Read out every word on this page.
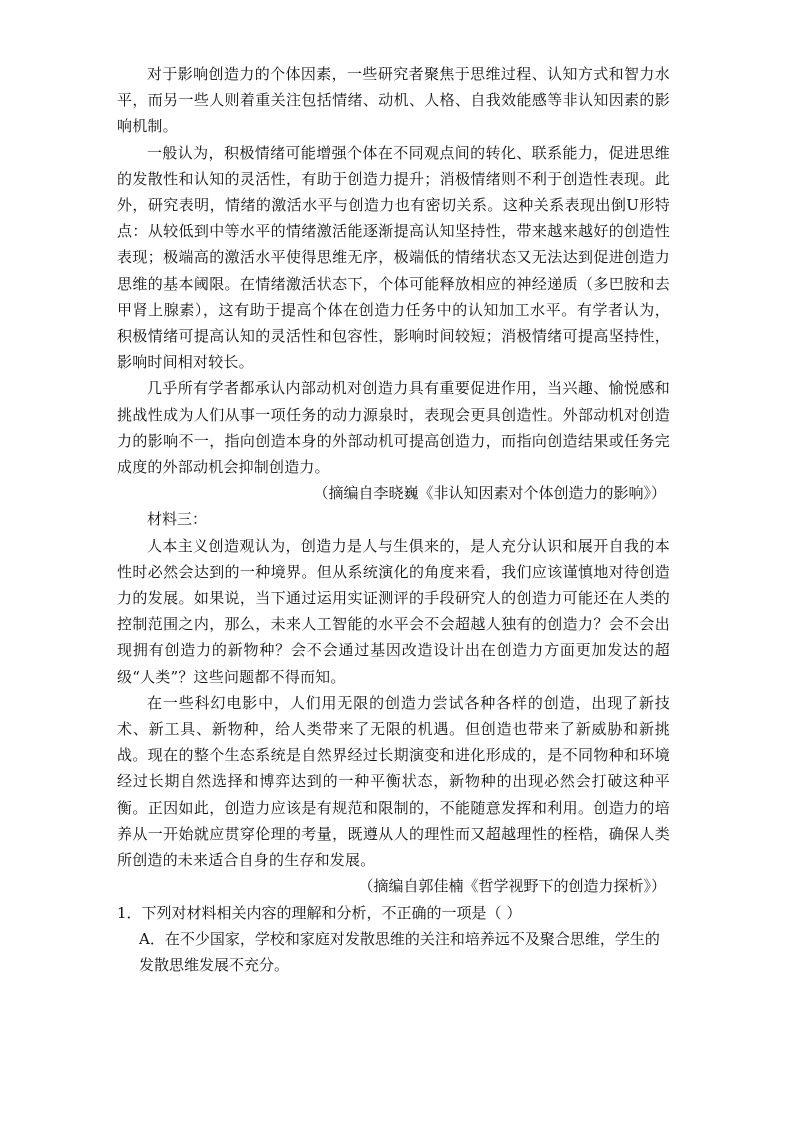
对于影响创造力的个体因素，一些研究者聚焦于思维过程、认知方式和智力水平，而另一些人则着重关注包括情绪、动机、人格、自我效能感等非认知因素的影响机制。

一般认为，积极情绪可能增强个体在不同观点间的转化、联系能力，促进思维的发散性和认知的灵活性，有助于创造力提升；消极情绪则不利于创造性表现。此外，研究表明，情绪的激活水平与创造力也有密切关系。这种关系表现出倒U形特点：从较低到中等水平的情绪激活能逐渐提高认知坚持性，带来越来越好的创造性表现；极端高的激活水平使得思维无序，极端低的情绪状态又无法达到促进创造力思维的基本阈限。在情绪激活状态下，个体可能释放相应的神经递质（多巴胺和去甲肾上腺素），这有助于提高个体在创造力任务中的认知加工水平。有学者认为，积极情绪可提高认知的灵活性和包容性，影响时间较短；消极情绪可提高坚持性，影响时间相对较长。

几乎所有学者都承认内部动机对创造力具有重要促进作用，当兴趣、愉悦感和挑战性成为人们从事一项任务的动力源泉时，表现会更具创造性。外部动机对创造力的影响不一，指向创造本身的外部动机可提高创造力，而指向创造结果或任务完成度的外部动机会抑制创造力。

（摘编自李晓巍《非认知因素对个体创造力的影响》）

材料三：

人本主义创造观认为，创造力是人与生俱来的，是人充分认识和展开自我的本性时必然会达到的一种境界。但从系统演化的角度来看，我们应该谨慎地对待创造力的发展。如果说，当下通过运用实证测评的手段研究人的创造力可能还在人类的控制范围之内，那么，未来人工智能的水平会不会超越人独有的创造力？会不会出现拥有创造力的新物种？会不会通过基因改造设计出在创造力方面更加发达的超级“人类”？这些问题都不得而知。

在一些科幻电影中，人们用无限的创造力尝试各种各样的创造，出现了新技术、新工具、新物种，给人类带来了无限的机遇。但创造也带来了新威胁和新挑战。现在的整个生态系统是自然界经过长期演变和进化形成的，是不同物种和环境经过长期自然选择和博弈达到的一种平衡状态，新物种的出现必然会打破这种平衡。正因如此，创造力应该是有规范和限制的，不能随意发挥和利用。创造力的培养从一开始就应贯穿伦理的考量，既遵从人的理性而又超越理性的桎梏，确保人类所创造的未来适合自身的生存和发展。

（摘编自郭佳楠《哲学视野下的创造力探析》）

1．下列对材料相关内容的理解和分析，不正确的一项是（ ）

A．在不少国家，学校和家庭对发散思维的关注和培养远不及聚合思维，学生的发散思维发展不充分。
